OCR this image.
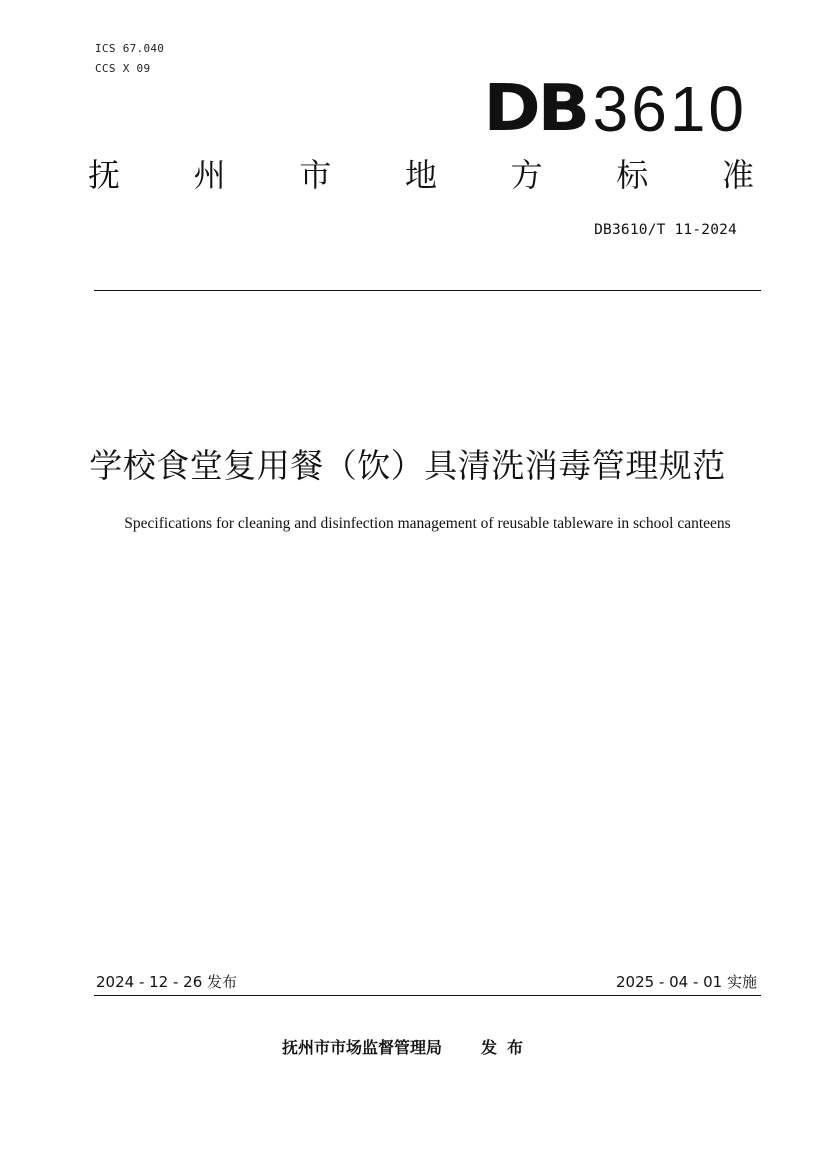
ICS 67.040
CCS X 09
DB 3610
抚 州 市 地 方 标 准
DB3610/T 11-2024
学校食堂复用餐（饮）具清洗消毒管理规范
Specifications for cleaning and disinfection management of reusable tableware in school canteens
2024 - 12 - 26 发布	2025 - 04 - 01 实施
抚州市市场监督管理局 发布
